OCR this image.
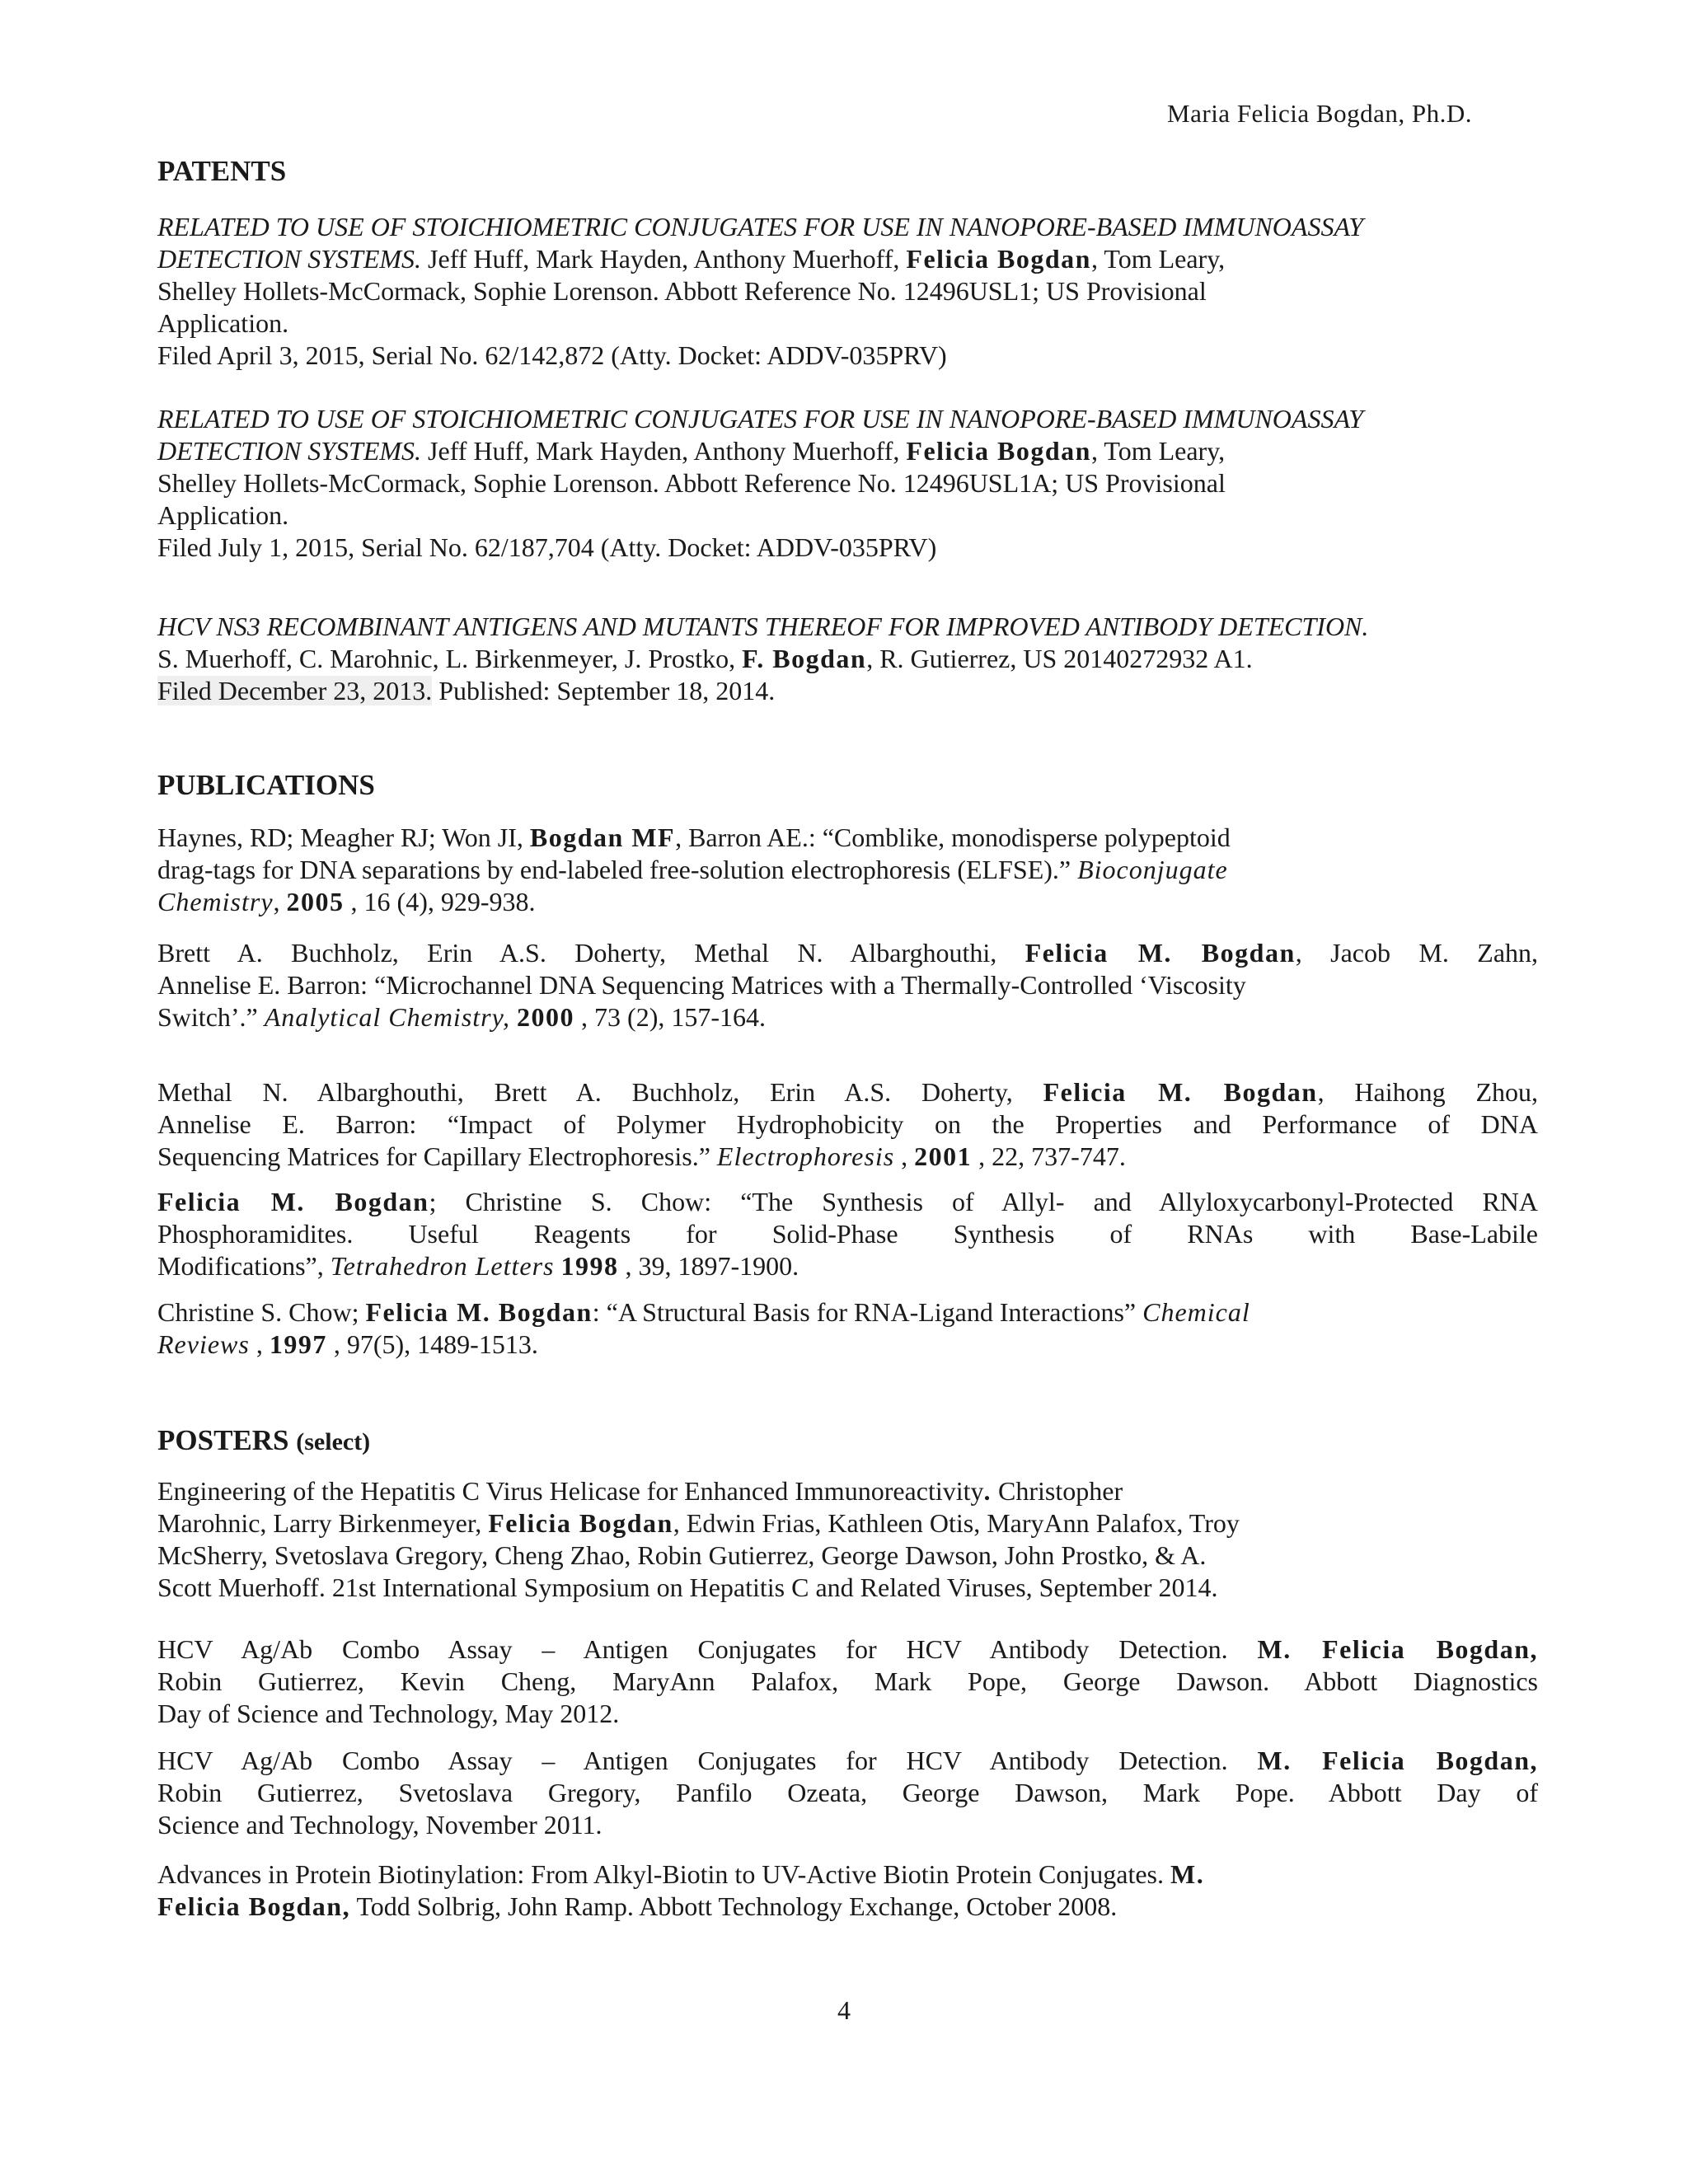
Maria Felicia Bogdan, Ph.D.
PATENTS
RELATED TO USE OF STOICHIOMETRIC CONJUGATES FOR USE IN NANOPORE-BASED IMMUNOASSAY
DETECTION SYSTEMS. Jeff Huff, Mark Hayden, Anthony Muerhoff, Felicia Bogdan, Tom Leary,
Shelley Hollets-McCormack, Sophie Lorenson. Abbott Reference No. 12496USL1; US Provisional
Application.
Filed April 3, 2015, Serial No. 62/142,872 (Atty. Docket: ADDV-035PRV)
RELATED TO USE OF STOICHIOMETRIC CONJUGATES FOR USE IN NANOPORE-BASED IMMUNOASSAY
DETECTION SYSTEMS. Jeff Huff, Mark Hayden, Anthony Muerhoff, Felicia Bogdan, Tom Leary,
Shelley Hollets-McCormack, Sophie Lorenson. Abbott Reference No. 12496USL1A; US Provisional
Application.
Filed July 1, 2015, Serial No. 62/187,704 (Atty. Docket: ADDV-035PRV)
HCV NS3 RECOMBINANT ANTIGENS AND MUTANTS THEREOF FOR IMPROVED ANTIBODY DETECTION.
S. Muerhoff, C. Marohnic, L. Birkenmeyer, J. Prostko, F. Bogdan, R. Gutierrez, US 20140272932 A1.
Filed December 23, 2013. Published: September 18, 2014.
PUBLICATIONS
Haynes, RD; Meagher RJ; Won JI, Bogdan MF, Barron AE.: “Comblike, monodisperse polypeptoid
drag-tags for DNA separations by end-labeled free-solution electrophoresis (ELFSE).” Bioconjugate
Chemistry, 2005 , 16 (4), 929-938.
Brett A. Buchholz, Erin A.S. Doherty, Methal N. Albarghouthi, Felicia M. Bogdan, Jacob M. Zahn,
Annelise E. Barron: “Microchannel DNA Sequencing Matrices with a Thermally-Controlled ‘Viscosity
Switch’.” Analytical Chemistry, 2000 , 73 (2), 157-164.
Methal N. Albarghouthi, Brett A. Buchholz, Erin A.S. Doherty, Felicia M. Bogdan, Haihong Zhou,
Annelise E. Barron: “Impact of Polymer Hydrophobicity on the Properties and Performance of DNA
Sequencing Matrices for Capillary Electrophoresis.” Electrophoresis , 2001 , 22, 737-747.
Felicia M. Bogdan; Christine S. Chow: “The Synthesis of Allyl- and Allyloxycarbonyl-Protected RNA
Phosphoramidites. Useful Reagents for Solid-Phase Synthesis of RNAs with Base-Labile
Modifications”, Tetrahedron Letters 1998 , 39, 1897-1900.
Christine S. Chow; Felicia M. Bogdan: “A Structural Basis for RNA-Ligand Interactions” Chemical
Reviews , 1997 , 97(5), 1489-1513.
POSTERS (select)
Engineering of the Hepatitis C Virus Helicase for Enhanced Immunoreactivity. Christopher
Marohnic, Larry Birkenmeyer, Felicia Bogdan, Edwin Frias, Kathleen Otis, MaryAnn Palafox, Troy
McSherry, Svetoslava Gregory, Cheng Zhao, Robin Gutierrez, George Dawson, John Prostko, & A.
Scott Muerhoff. 21st International Symposium on Hepatitis C and Related Viruses, September 2014.
HCV Ag/Ab Combo Assay – Antigen Conjugates for HCV Antibody Detection. M. Felicia Bogdan,
Robin Gutierrez, Kevin Cheng, MaryAnn Palafox, Mark Pope, George Dawson. Abbott Diagnostics
Day of Science and Technology, May 2012.
HCV Ag/Ab Combo Assay – Antigen Conjugates for HCV Antibody Detection. M. Felicia Bogdan,
Robin Gutierrez, Svetoslava Gregory, Panfilo Ozeata, George Dawson, Mark Pope. Abbott Day of
Science and Technology, November 2011.
Advances in Protein Biotinylation: From Alkyl-Biotin to UV-Active Biotin Protein Conjugates. M.
Felicia Bogdan, Todd Solbrig, John Ramp. Abbott Technology Exchange, October 2008.
4
